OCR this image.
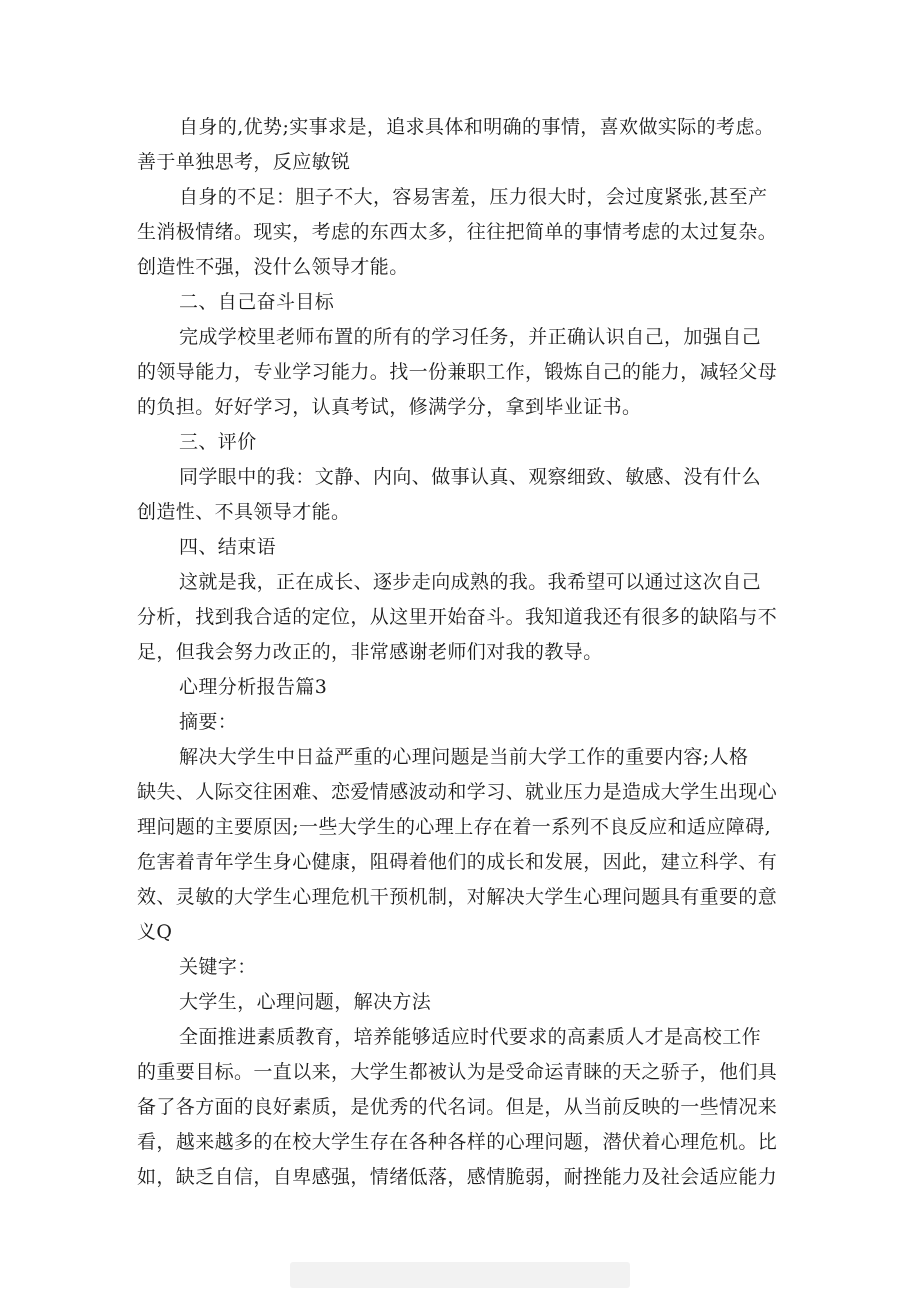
自身的,优势;实事求是，追求具体和明确的事情，喜欢做实际的考虑。
善于单独思考，反应敏锐
自身的不足：胆子不大，容易害羞，压力很大时，会过度紧张,甚至产
生消极情绪。现实，考虑的东西太多，往往把简单的事情考虑的太过复杂。
创造性不强，没什么领导才能。
二、自己奋斗目标
完成学校里老师布置的所有的学习任务，并正确认识自己，加强自己
的领导能力，专业学习能力。找一份兼职工作，锻炼自己的能力，减轻父母
的负担。好好学习，认真考试，修满学分，拿到毕业证书。
三、评价
同学眼中的我：文静、内向、做事认真、观察细致、敏感、没有什么
创造性、不具领导才能。
四、结束语
这就是我，正在成长、逐步走向成熟的我。我希望可以通过这次自己
分析，找到我合适的定位，从这里开始奋斗。我知道我还有很多的缺陷与不
足，但我会努力改正的，非常感谢老师们对我的教导。
心理分析报告篇3
摘要：
解决大学生中日益严重的心理问题是当前大学工作的重要内容;人格
缺失、人际交往困难、恋爱情感波动和学习、就业压力是造成大学生出现心
理问题的主要原因;一些大学生的心理上存在着一系列不良反应和适应障碍,
危害着青年学生身心健康，阻碍着他们的成长和发展，因此，建立科学、有
效、灵敏的大学生心理危机干预机制，对解决大学生心理问题具有重要的意
义Q
关键字：
大学生，心理问题，解决方法
全面推进素质教育，培养能够适应时代要求的高素质人才是高校工作
的重要目标。一直以来，大学生都被认为是受命运青睐的天之骄子，他们具
备了各方面的良好素质，是优秀的代名词。但是，从当前反映的一些情况来
看，越来越多的在校大学生存在各种各样的心理问题，潜伏着心理危机。比
如，缺乏自信，自卑感强，情绪低落，感情脆弱，耐挫能力及社会适应能力
